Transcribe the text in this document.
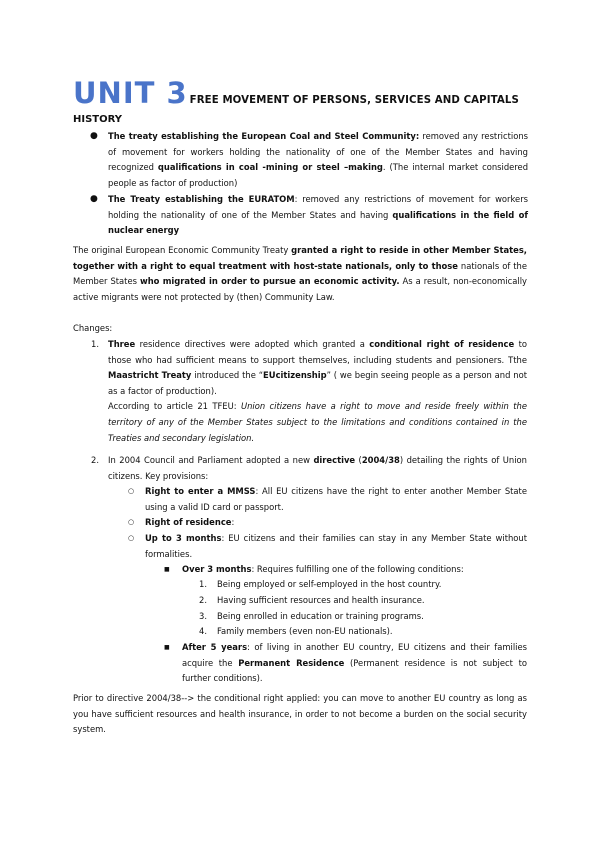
UNIT 3 FREE MOVEMENT OF PERSONS, SERVICES AND CAPITALS
HISTORY
● The treaty establishing the European Coal and Steel Community: removed any restrictions of movement for workers holding the nationality of one of the Member States and having recognized qualifications in coal -mining or steel –making. (The internal market considered people as factor of production)
● The Treaty establishing the EURATOM: removed any restrictions of movement for workers holding the nationality of one of the Member States and having qualifications in the field of nuclear energy
The original European Economic Community Treaty granted a right to reside in other Member States, together with a right to equal treatment with host-state nationals, only to those nationals of the Member States who migrated in order to pursue an economic activity. As a result, non-economically active migrants were not protected by (then) Community Law.
Changes:
1. Three residence directives were adopted which granted a conditional right of residence to those who had sufficient means to support themselves, including students and pensioners. Tthe Maastricht Treaty introduced the “EUcitizenship” ( we begin seeing people as a person and not as a factor of production).
According to article 21 TFEU: Union citizens have a right to move and reside freely within the territory of any of the Member States subject to the limitations and conditions contained in the Treaties and secondary legislation.
2. In 2004 Council and Parliament adopted a new directive (2004/38) detailing the rights of Union citizens. Key provisions:
○ Right to enter a MMSS: All EU citizens have the right to enter another Member State using a valid ID card or passport.
○ Right of residence:
○ Up to 3 months: EU citizens and their families can stay in any Member State without formalities.
■ Over 3 months: Requires fulfilling one of the following conditions:
1. Being employed or self-employed in the host country.
2. Having sufficient resources and health insurance.
3. Being enrolled in education or training programs.
4. Family members (even non-EU nationals).
■ After 5 years: of living in another EU country, EU citizens and their families acquire the Permanent Residence (Permanent residence is not subject to further conditions).
Prior to directive 2004/38--> the conditional right applied: you can move to another EU country as long as you have sufficient resources and health insurance, in order to not become a burden on the social security system.
